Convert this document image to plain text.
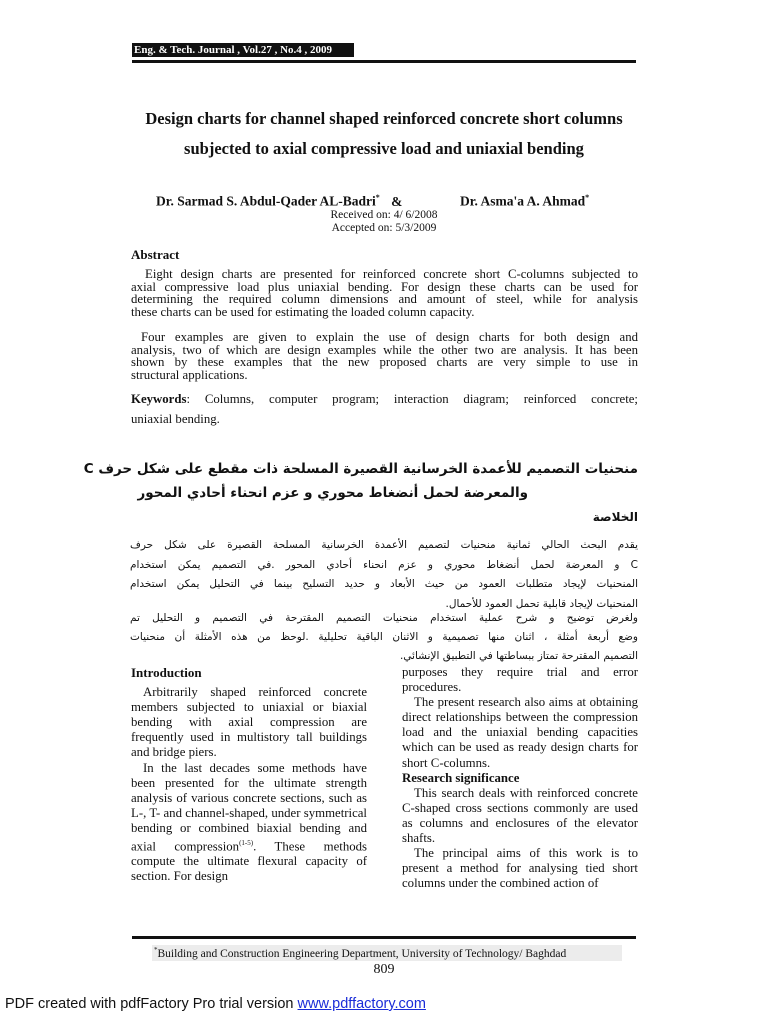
Eng. & Tech. Journal , Vol.27 , No.4 , 2009
Design charts for channel shaped reinforced concrete short columns subjected to axial compressive load and uniaxial bending
Dr. Sarmad S. Abdul-Qader AL-Badri* &	Dr. Asma'a A. Ahmad*
Received on: 4/ 6/2008
Accepted on: 5/3/2009
Abstract
Eight design charts are presented for reinforced concrete short C-columns subjected to
axial compressive load plus uniaxial bending. For design these charts can be used for
determining the required column dimensions and amount of steel, while for analysis
these charts can be used for estimating the loaded column capacity.
Four examples are given to explain the use of design charts for both design and
analysis, two of which are design examples while the other two are analysis. It has been
shown by these examples that the new proposed charts are very simple to use in
structural applications.
Keywords: Columns, computer program; interaction diagram; reinforced concrete;
uniaxial bending.
منحنيات التصميم للأعمدة الخرسانية القصيرة المسلحة ذات مقطع على شكل حرف C
والمعرضة لحمل أنضغاط محوري و عزم انحناء أحادي المحور
الخلاصة
يقدم البحث الحالي ثمانية منحنيات لتصميم الأعمدة الخرسانية المسلحة القصيرة على شكل حرف
C و المعرضة لحمل أنضغاط محوري و عزم انحناء أحادي المحور .في التصميم يمكن استخدام
المنحنيات لإيجاد متطلبات العمود من حيث الأبعاد و حديد التسليح بينما في التحليل يمكن استخدام
المنحنيات لإيجاد قابلية تحمل العمود للأحمال.
ولغرض توضيح و شرح عملية استخدام منحنيات التصميم المقترحة في التصميم و التحليل تم
وضع أربعة أمثلة ، اثنان منها تصميمية و الاثنان الباقية تحليلية .لوحظ من هذه الأمثلة أن منحنيات
التصميم المقترحة تمتاز ببساطتها في التطبيق الإنشائي.
Introduction

Arbitrarily shaped reinforced concrete members subjected to uniaxial or biaxial bending with axial compression are frequently used in multistory tall buildings and bridge piers.

In the last decades some methods have been presented for the ultimate strength analysis of various concrete sections, such as L-, T- and channel-shaped, under symmetrical bending or combined biaxial bending and axial compression$^{(1-5)}$. These methods compute the ultimate flexural capacity of section. For design

purposes they require trial and error procedures.

The present research also aims at obtaining direct relationships between the compression load and the uniaxial bending capacities which can be used as ready design charts for short C-columns.

Research significance

This search deals with reinforced concrete C-shaped cross sections commonly are used as columns and enclosures of the elevator shafts.

The principal aims of this work is to present a method for analysing tied short columns under the combined action of

*Building and Construction Engineering Department, University of Technology/ Baghdad
809
PDF created with pdfFactory Pro trial version www.pdffactory.com
